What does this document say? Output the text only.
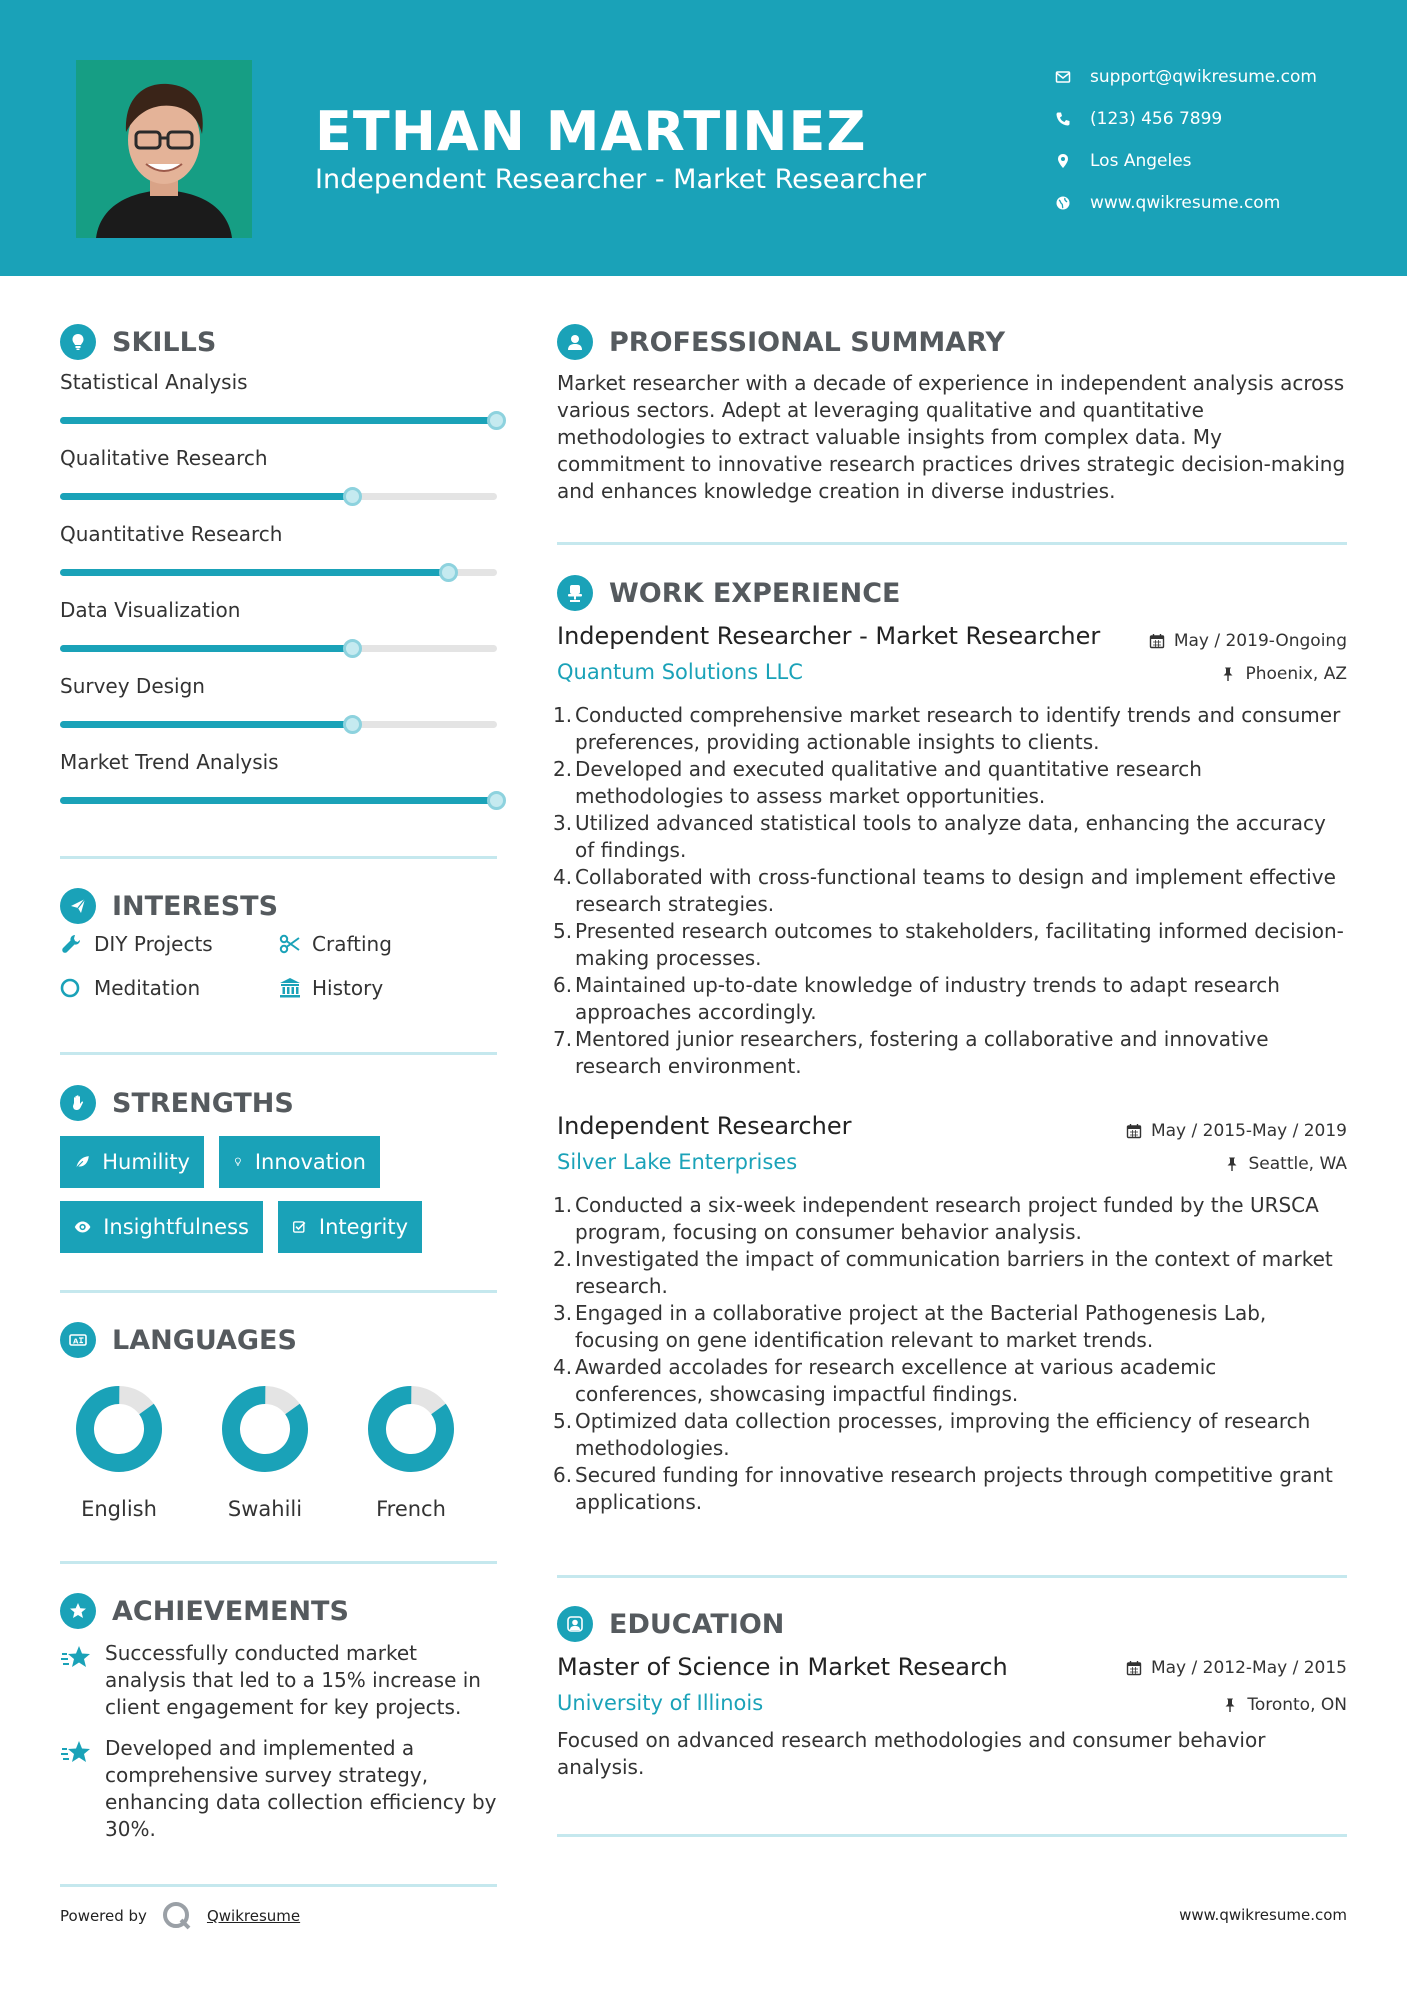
ETHAN MARTINEZ
Independent Researcher - Market Researcher
support@qwikresume.com
(123) 456 7899
Los Angeles
www.qwikresume.com
SKILLS
Statistical Analysis
Qualitative Research
Quantitative Research
Data Visualization
Survey Design
Market Trend Analysis
INTERESTS
DIY Projects	Crafting
Meditation	History
STRENGTHS
Humility	Innovation
Insightfulness	Integrity
A LANGUAGES
English	Swahili	French
ACHIEVEMENTS
Successfully conducted market analysis that led to a 15% increase in client engagement for key projects.
Developed and implemented a comprehensive survey strategy, enhancing data collection efficiency by 30%.
PROFESSIONAL SUMMARY
Market researcher with a decade of experience in independent analysis across various sectors. Adept at leveraging qualitative and quantitative methodologies to extract valuable insights from complex data. My commitment to innovative research practices drives strategic decision-making and enhances knowledge creation in diverse industries.
WORK EXPERIENCE
Independent Researcher - Market Researcher	May / 2019-Ongoing
Quantum Solutions LLC	Phoenix, AZ
1. Conducted comprehensive market research to identify trends and consumer preferences, providing actionable insights to clients.
2. Developed and executed qualitative and quantitative research methodologies to assess market opportunities.
3. Utilized advanced statistical tools to analyze data, enhancing the accuracy of findings.
4. Collaborated with cross-functional teams to design and implement effective research strategies.
5. Presented research outcomes to stakeholders, facilitating informed decision-making processes.
6. Maintained up-to-date knowledge of industry trends to adapt research approaches accordingly.
7. Mentored junior researchers, fostering a collaborative and innovative research environment.
Independent Researcher	May / 2015-May / 2019
Silver Lake Enterprises	Seattle, WA
1. Conducted a six-week independent research project funded by the URSCA program, focusing on consumer behavior analysis.
2. Investigated the impact of communication barriers in the context of market research.
3. Engaged in a collaborative project at the Bacterial Pathogenesis Lab, focusing on gene identification relevant to market trends.
4. Awarded accolades for research excellence at various academic conferences, showcasing impactful findings.
5. Optimized data collection processes, improving the efficiency of research methodologies.
6. Secured funding for innovative research projects through competitive grant applications.
EDUCATION
Master of Science in Market Research	May / 2012-May / 2015
University of Illinois	Toronto, ON
Focused on advanced research methodologies and consumer behavior analysis.
Powered by	Qwikresume	www.qwikresume.com
